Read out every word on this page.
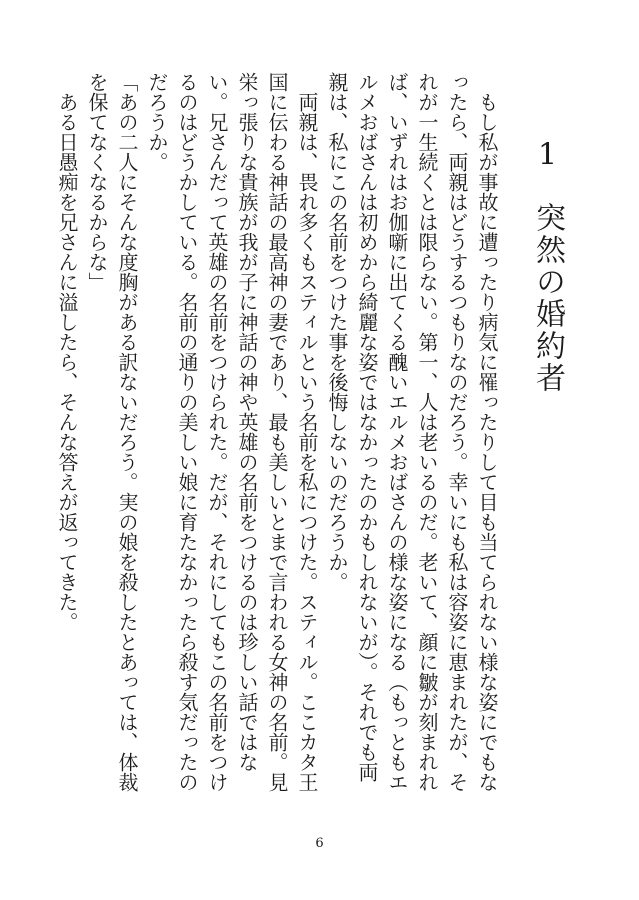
1　突然の婚約者

もし私が事故に遭ったり病気に罹ったりして目も当てられない様な姿にでもなったら、両親はどうするつもりなのだろう。幸いにも私は容姿に恵まれたが、それが一生続くとは限らない。第一、人は老いるのだ。老いて、顔に皺が刻まれれば、いずれはお伽噺に出てくる醜いエルメおばさんの様な姿になる（もっともエルメおばさんは初めから綺麗な姿ではなかったのかもしれないが）。それでも両親は、私にこの名前をつけた事を後悔しないのだろうか。

両親は、畏れ多くもスティルという名前を私につけた。スティル。ここカタ王国に伝わる神話の最高神の妻であり、最も美しいとまで言われる女神の名前。見栄っ張りな貴族が我が子に神話の神や英雄の名前をつけるのは珍しい話ではない。兄さんだって英雄の名前をつけられた。だが、それにしてもこの名前をつけるのはどうかしている。名前の通りの美しい娘に育たなかったら殺す気だったのだろうか。

「あの二人にそんな度胸がある訳ないだろう。実の娘を殺したとあっては、体裁を保てなくなるからな」

ある日愚痴を兄さんに溢したら、そんな答えが返ってきた。

6
